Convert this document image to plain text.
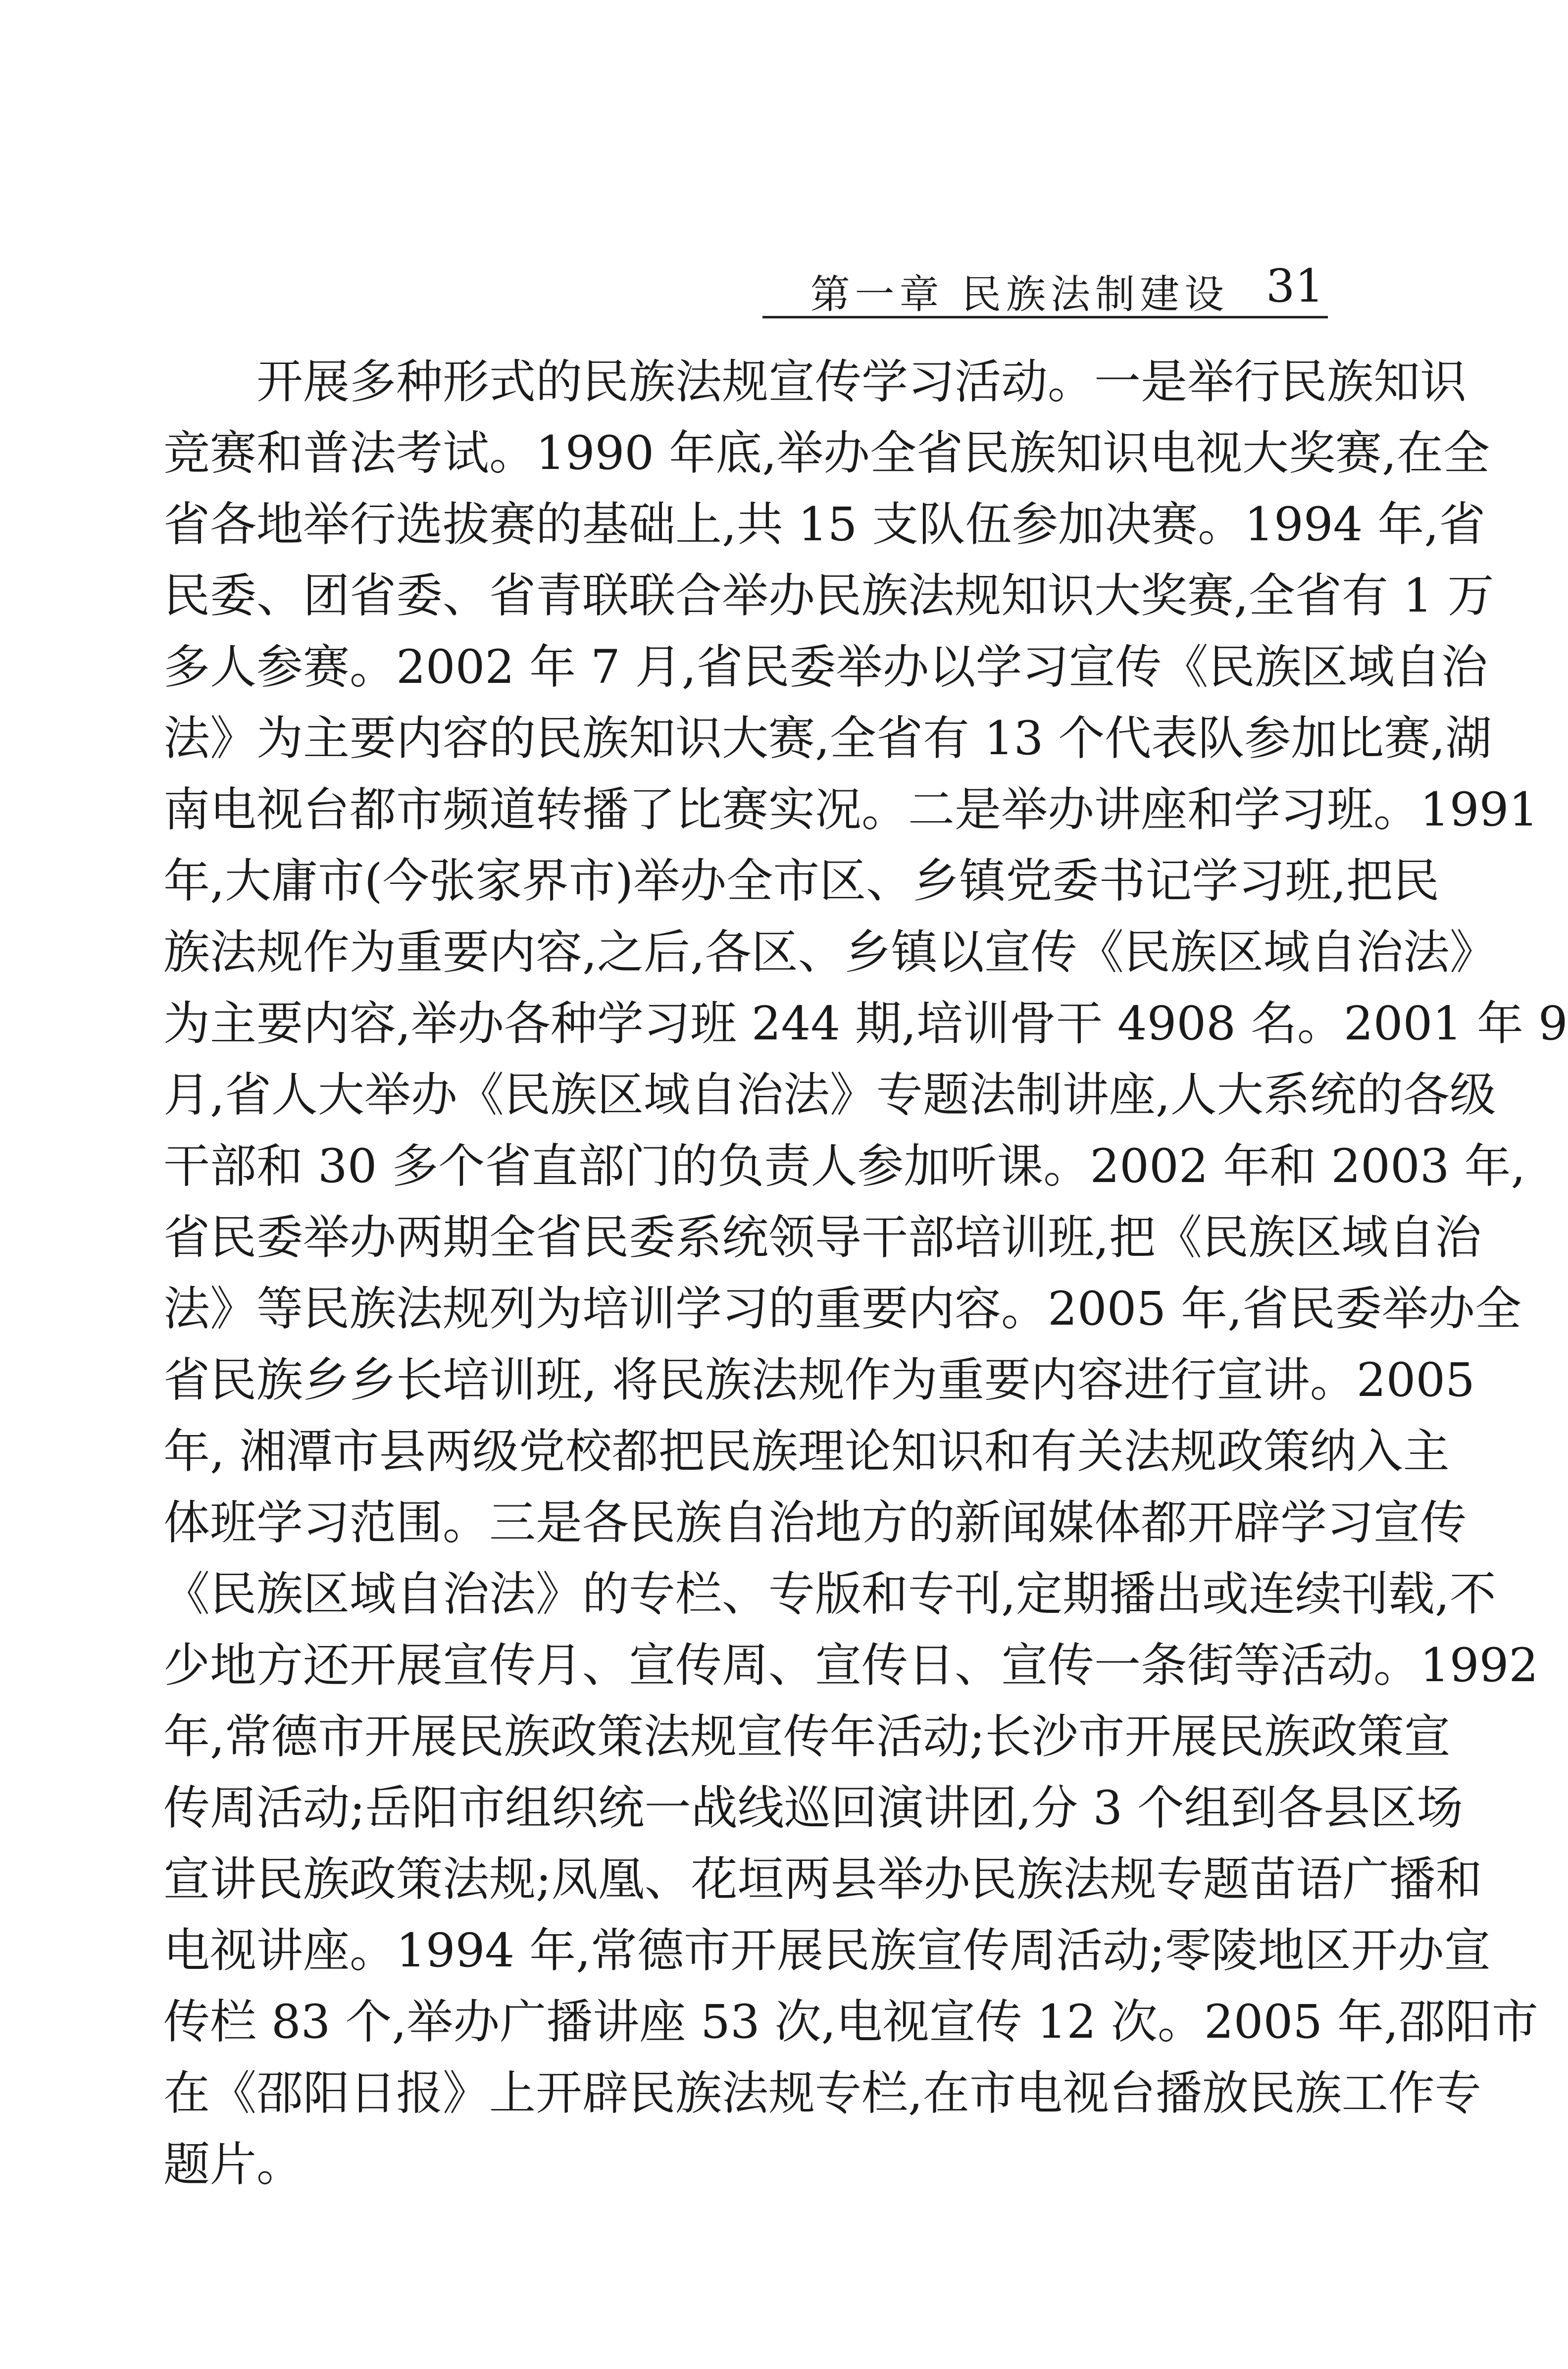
第一章 民族法制建设 31
开展多种形式的民族法规宣传学习活动。一是举行民族知识
竞赛和普法考试。1990 年底,举办全省民族知识电视大奖赛,在全
省各地举行选拔赛的基础上,共 15 支队伍参加决赛。1994 年,省
民委、团省委、省青联联合举办民族法规知识大奖赛,全省有 1 万
多人参赛。2002 年 7 月,省民委举办以学习宣传《民族区域自治
法》为主要内容的民族知识大赛,全省有 13 个代表队参加比赛,湖
南电视台都市频道转播了比赛实况。二是举办讲座和学习班。1991
年,大庸市(今张家界市)举办全市区、乡镇党委书记学习班,把民
族法规作为重要内容,之后,各区、乡镇以宣传《民族区域自治法》
为主要内容,举办各种学习班 244 期,培训骨干 4908 名。2001 年 9
月,省人大举办《民族区域自治法》专题法制讲座,人大系统的各级
干部和 30 多个省直部门的负责人参加听课。2002 年和 2003 年,
省民委举办两期全省民委系统领导干部培训班,把《民族区域自治
法》等民族法规列为培训学习的重要内容。2005 年,省民委举办全
省民族乡乡长培训班, 将民族法规作为重要内容进行宣讲。2005
年, 湘潭市县两级党校都把民族理论知识和有关法规政策纳入主
体班学习范围。三是各民族自治地方的新闻媒体都开辟学习宣传
《民族区域自治法》的专栏、专版和专刊,定期播出或连续刊载,不
少地方还开展宣传月、宣传周、宣传日、宣传一条街等活动。1992
年,常德市开展民族政策法规宣传年活动;长沙市开展民族政策宣
传周活动;岳阳市组织统一战线巡回演讲团,分 3 个组到各县区场
宣讲民族政策法规;凤凰、花垣两县举办民族法规专题苗语广播和
电视讲座。1994 年,常德市开展民族宣传周活动;零陵地区开办宣
传栏 83 个,举办广播讲座 53 次,电视宣传 12 次。2005 年,邵阳市
在《邵阳日报》上开辟民族法规专栏,在市电视台播放民族工作专
题片。
